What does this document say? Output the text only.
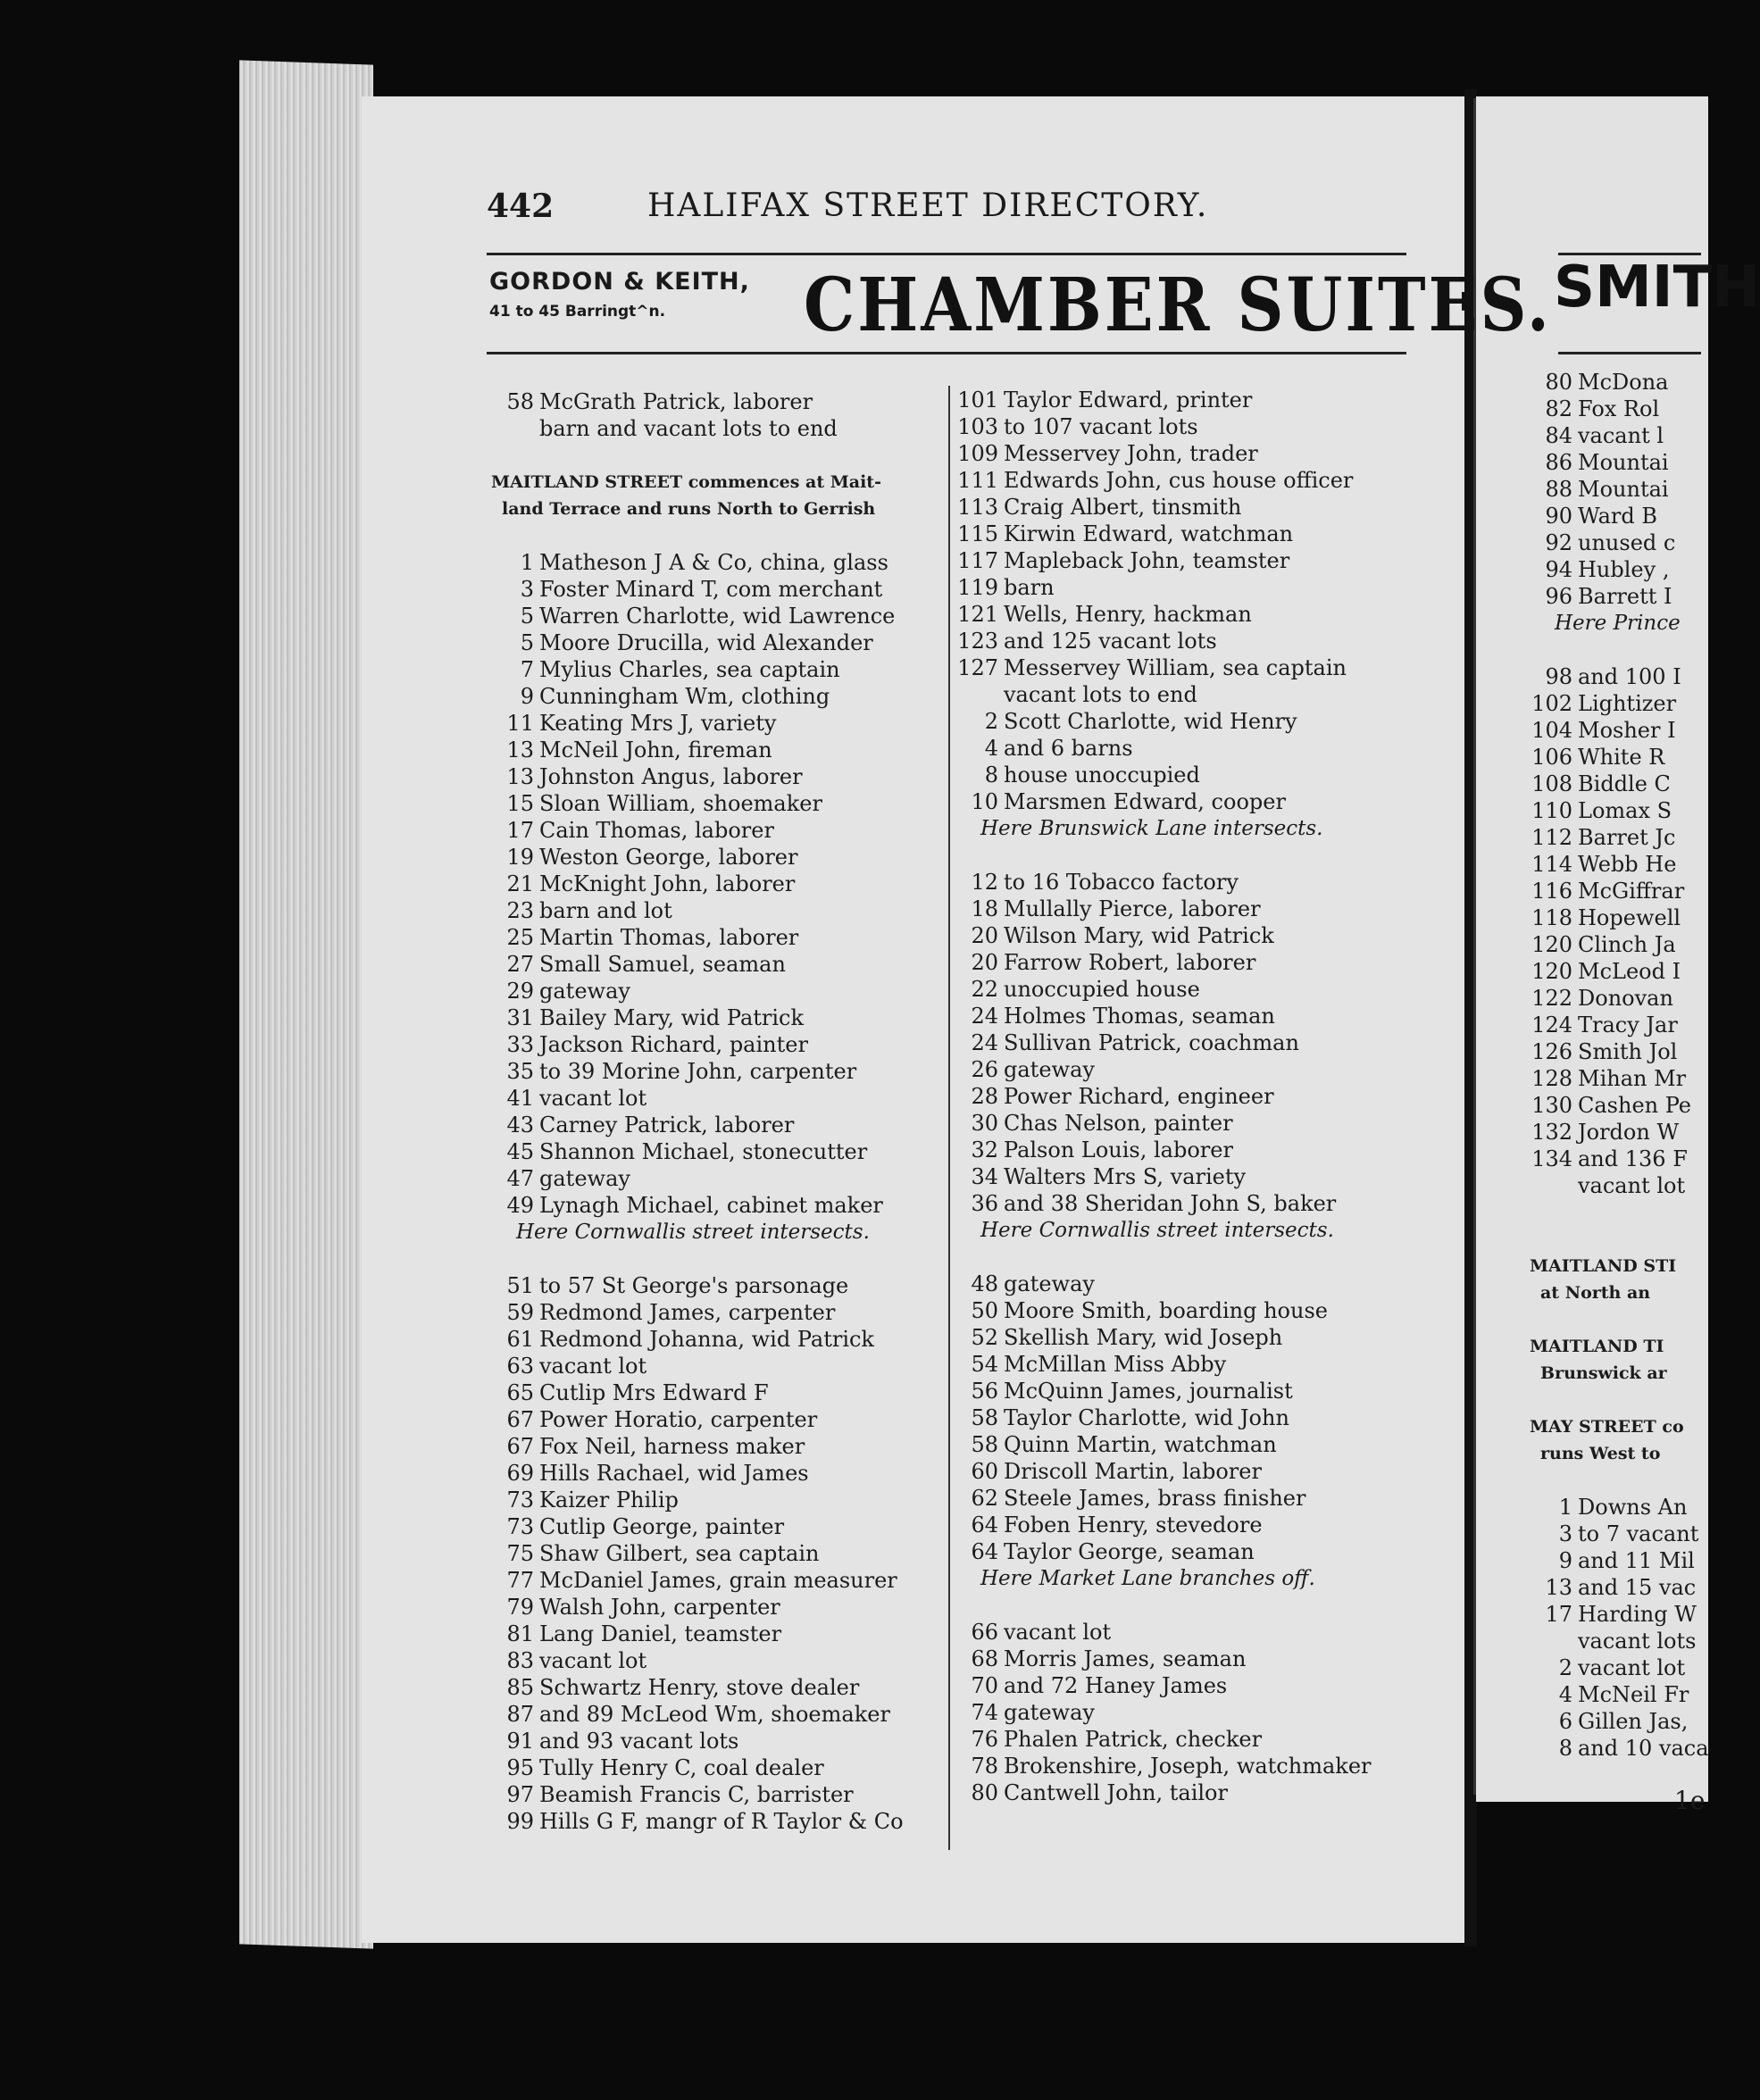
442	HALIFAX STREET DIRECTORY.
GORDON & KEITH,
41 to 45 Barringt^n.	CHAMBER SUITES. SMITH
58 McGrath Patrick, laborer
barn and vacant lots to end
MAITLAND STREET commences at Mait-
land Terrace and runs North to Gerrish
1 Matheson J A & Co, china, glass
3 Foster Minard T, com merchant
5 Warren Charlotte, wid Lawrence
5 Moore Drucilla, wid Alexander
7 Mylius Charles, sea captain
9 Cunningham Wm, clothing
11 Keating Mrs J, variety
13 McNeil John, fireman
13 Johnston Angus, laborer
15 Sloan William, shoemaker
17 Cain Thomas, laborer
19 Weston George, laborer
21 McKnight John, laborer
23 barn and lot
25 Martin Thomas, laborer
27 Small Samuel, seaman
29 gateway
31 Bailey Mary, wid Patrick
33 Jackson Richard, painter
35 to 39 Morine John, carpenter
41 vacant lot
43 Carney Patrick, laborer
45 Shannon Michael, stonecutter
47 gateway
49 Lynagh Michael, cabinet maker
Here Cornwallis street intersects.
51 to 57 St George's parsonage
59 Redmond James, carpenter
61 Redmond Johanna, wid Patrick
63 vacant lot
65 Cutlip Mrs Edward F
67 Power Horatio, carpenter
67 Fox Neil, harness maker
69 Hills Rachael, wid James
73 Kaizer Philip
73 Cutlip George, painter
75 Shaw Gilbert, sea captain
77 McDaniel James, grain measurer
79 Walsh John, carpenter
81 Lang Daniel, teamster
83 vacant lot
85 Schwartz Henry, stove dealer
87 and 89 McLeod Wm, shoemaker
91 and 93 vacant lots
95 Tully Henry C, coal dealer
97 Beamish Francis C, barrister
99 Hills G F, mangr of R Taylor & Co
101 Taylor Edward, printer
103 to 107 vacant lots
109 Messervey John, trader
111 Edwards John, cus house officer
113 Craig Albert, tinsmith
115 Kirwin Edward, watchman
117 Mapleback John, teamster
119 barn
121 Wells, Henry, hackman
123 and 125 vacant lots
127 Messervey William, sea captain
vacant lots to end
2 Scott Charlotte, wid Henry
4 and 6 barns
8 house unoccupied
10 Marsmen Edward, cooper
Here Brunswick Lane intersects.
12 to 16 Tobacco factory
18 Mullally Pierce, laborer
20 Wilson Mary, wid Patrick
20 Farrow Robert, laborer
22 unoccupied house
24 Holmes Thomas, seaman
24 Sullivan Patrick, coachman
26 gateway
28 Power Richard, engineer
30 Chas Nelson, painter
32 Palson Louis, laborer
34 Walters Mrs S, variety
36 and 38 Sheridan John S, baker
Here Cornwallis street intersects.
48 gateway
50 Moore Smith, boarding house
52 Skellish Mary, wid Joseph
54 McMillan Miss Abby
56 McQuinn James, journalist
58 Taylor Charlotte, wid John
58 Quinn Martin, watchman
60 Driscoll Martin, laborer
62 Steele James, brass finisher
64 Foben Henry, stevedore
64 Taylor George, seaman
Here Market Lane branches off.
66 vacant lot
68 Morris James, seaman
70 and 72 Haney James
74 gateway
76 Phalen Patrick, checker
78 Brokenshire, Joseph, watchmaker
80 Cantwell John, tailor
80 McDona
82 Fox Rol
84 vacant l
86 Mountai
88 Mountai
90 Ward B
92 unused c
94 Hubley ,
96 Barrett I
Here Prince
98 and 100 I
102 Lightizer
104 Mosher I
106 White R
108 Biddle C
110 Lomax S
112 Barret Jc
114 Webb He
116 McGiffrar
118 Hopewell
120 Clinch Ja
120 McLeod I
122 Donovan
124 Tracy Jar
126 Smith Jol
128 Mihan Mr
130 Cashen Pe
132 Jordon W
134 and 136 F
vacant lot
MAITLAND STI
at North an
MAITLAND TI
Brunswick ar
MAY STREET co
runs West to
1 Downs An
3 to 7 vacant
9 and 11 Mil
13 and 15 vac
17 Harding W
vacant lots
2 vacant lot
4 McNeil Fr
6 Gillen Jas,
8 and 10 vaca
1e
